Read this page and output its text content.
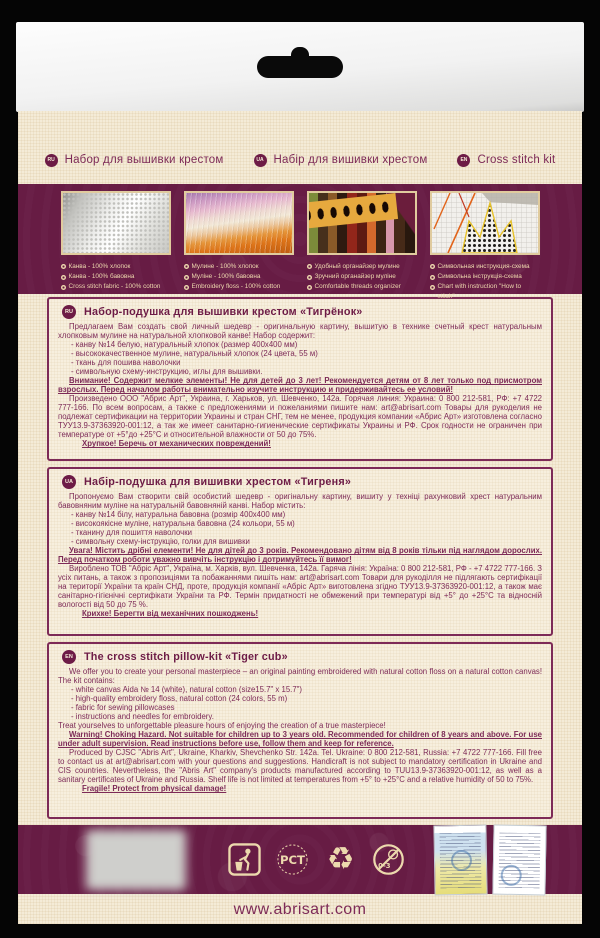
RU Набор для вышивки крестом	UA Набір для вишивки хрестом	EN Cross stitch kit
Канва - 100% хлопок
Канва - 100% бавовна
Cross stitch fabric - 100% cotton
Мулине - 100% хлопок
Муліне - 100% бавовна
Embroidery floss - 100% cotton
Удобный органайзер мулине
Зручний органайзер муліне
Comfortable threads organizer
Символьная инструкция-схема
Символьна інструкція-схема
Chart with instruction "How to stitch"
RU Набор-подушка для вышивки крестом «Тигрёнок»

Предлагаем Вам создать свой личный шедевр - оригинальную картину, вышитую в технике счетный крест натуральным хлопковым мулине на натуральной хлопковой канве! Набор содержит:

- канву №14 белую, натуральный хлопок (размер 400х400 мм)

- высококачественное мулине, натуральный хлопок (24 цвета, 55 м)

- ткань для пошива наволочки

- символьную схему-инструкцию, иглы для вышивки.

Внимание! Содержит мелкие элементы! Не для детей до 3 лет! Рекомендуется детям от 8 лет только под присмотром взрослых. Перед началом работы внимательно изучите инструкцию и придерживайтесь ее условий!

Произведено ООО "Абрис Арт", Украина, г. Харьков, ул. Шевченко, 142а. Горячая линия: Украина: 0 800 212-581, РФ: +7 4722 777-166. По всем вопросам, а также с предложениями и пожеланиями пишите нам: art@abrisart.com Товары для рукоделия не подлежат сертификации на территории Украины и стран СНГ, тем не менее, продукция компании «Абрис Арт» изготовлена согласно ТУУ13.9-37363920-001:12, а так же имеет санитарно-гигиенические сертификаты Украины и РФ. Срок годности не ограничен при температуре от +5°до +25°С и относительной влажности от 50 до 75%.

Хрупкое! Беречь от механических повреждений!

UA Набір-подушка для вишивки хрестом «Тигреня»

Пропонуємо Вам створити свій особистий шедевр - оригінальну картину, вишиту у техніці рахунковий хрест натуральним бавовняним муліне на натуральній бавовняній канві. Набор містить:

- канву №14 білу, натуральна бавовна (розмір 400х400 мм)

- високоякісне муліне, натуральна бавовна (24 кольори, 55 м)

- тканину для пошиття наволочки

- символьну схему-інструкцію, голки для вишивки

Увага! Містить дрібні елементи! Не для дітей до 3 років. Рекомендовано дітям від 8 років тільки під наглядом дорослих. Перед початком роботи уважно вивчіть інструкцію і дотримуйтесь її вимог!

Вироблено ТОВ "Абріс Арт", Україна, м. Харків, вул. Шевченка, 142а. Гаряча лінія: Україна: 0 800 212-581, РФ - +7 4722 777-166. З усіх питань, а також з пропозиціями та побажаннями пишіть нам: art@abrisart.com Товари для рукоділля не підлягають сертифікації на території України та країн СНД, проте, продукція компанії «Абріс Арт» виготовлена згідно ТУУ13.9-37363920-001:12, а також має санітарно-гігієнічні сертифікати України та РФ. Термін придатності не обмежений при температурі від +5° до +25°С та відносній вологості від 50 до 75 %.

Крихке! Берегти від механічних пошкоджень!

EN The cross stitch pillow-kit «Tiger cub»

We offer you to create your personal masterpiece – an original painting embroidered with natural cotton floss on a natural cotton canvas! The kit contains:

- white canvas Aida № 14 (white), natural cotton (size15.7" x 15.7")

- high-quality embroidery floss, natural cotton (24 colors, 55 m)

- fabric for sewing pillowcases

- instructions and needles for embroidery.

Treat yourselves to unforgettable pleasure hours of enjoying the creation of a true masterpiece!

Warning! Choking Hazard. Not suitable for children up to 3 years old. Recommended for children of 8 years and above. For use under adult supervision. Read instructions before use, follow them and keep for reference.

Produced by CJSC "Abris Art", Ukraine, Kharkiv, Shevchenko Str. 142a. Tel. Ukraine: 0 800 212-581, Russia: +7 4722 777-166. Fill free to contact us at art@abrisart.com with your questions and suggestions. Handicraft is not subject to mandatory certification in Ukraine and CIS countries. Nevertheless, the "Abris Art" company's products manufactured according to TUU13.9-37363920-001:12, as well as a sanitary certificates of Ukraine and Russia. Shelf life is not limited at temperatures from +5° to +25°C and a relative humidity of 50 to 75%.

Fragile! Protect from physical damage!

РСТ ♻	0-3
www.abrisart.com
